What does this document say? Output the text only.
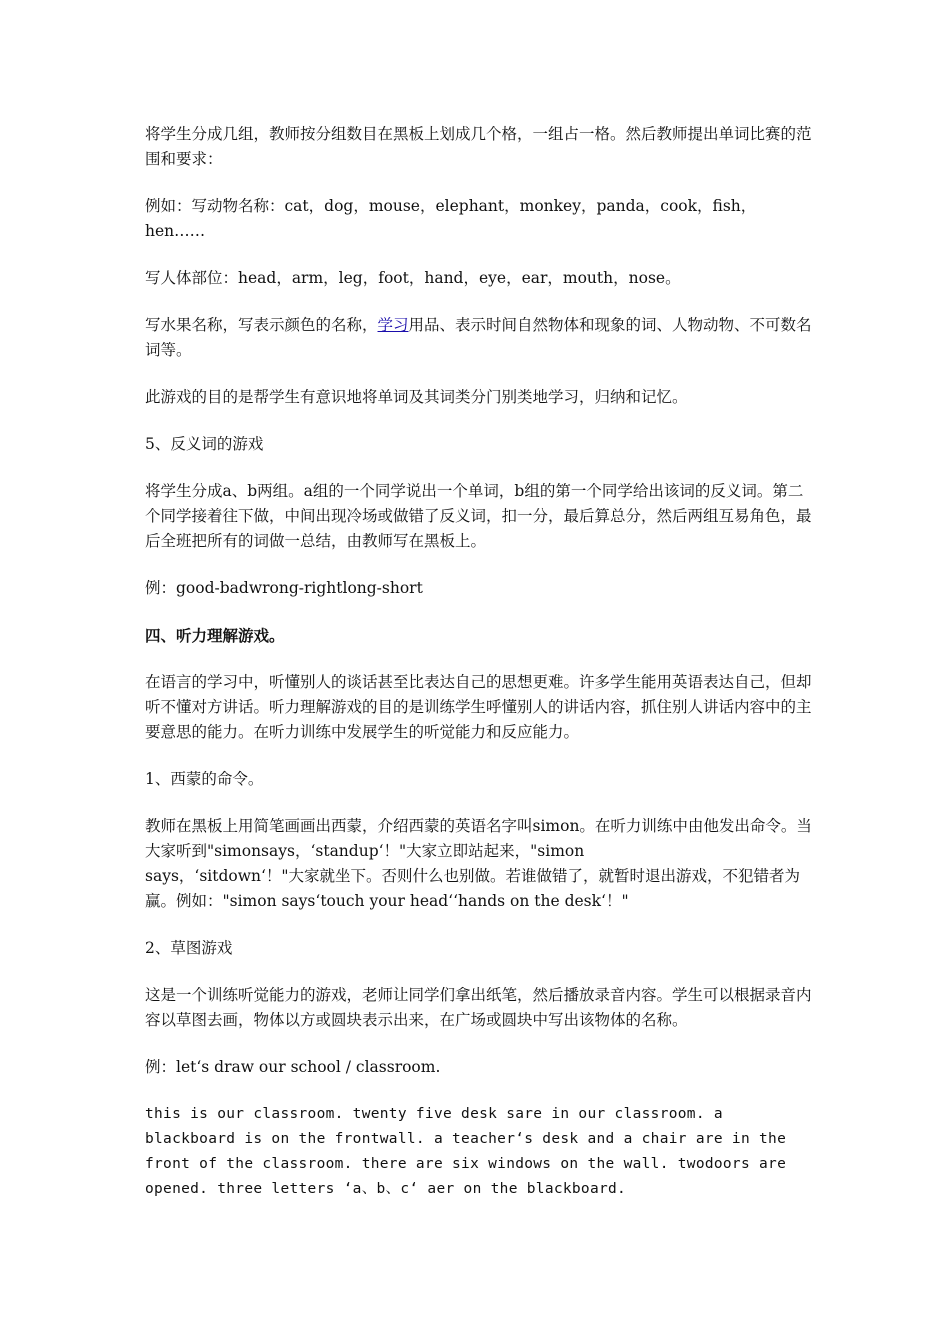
将学生分成几组，教师按分组数目在黑板上划成几个格，一组占一格。然后教师提出单词比赛的范围和要求：

例如：写动物名称：cat，dog，mouse，elephant，monkey，panda，cook，fish，hen……

写人体部位：head，arm，leg，foot，hand，eye，ear，mouth，nose。

写水果名称，写表示颜色的名称，学习用品、表示时间自然物体和现象的词、人物动物、不可数名词等。

此游戏的目的是帮学生有意识地将单词及其词类分门别类地学习，归纳和记忆。

5、反义词的游戏

将学生分成a、b两组。a组的一个同学说出一个单词，b组的第一个同学给出该词的反义词。第二个同学接着往下做，中间出现冷场或做错了反义词，扣一分，最后算总分，然后两组互易角色，最后全班把所有的词做一总结，由教师写在黑板上。

例：good-badwrong-rightlong-short

四、听力理解游戏。

在语言的学习中，听懂别人的谈话甚至比表达自己的思想更难。许多学生能用英语表达自己，但却听不懂对方讲话。听力理解游戏的目的是训练学生呼懂别人的讲话内容，抓住别人讲话内容中的主要意思的能力。在听力训练中发展学生的听觉能力和反应能力。

1、西蒙的命令。

教师在黑板上用简笔画画出西蒙，介绍西蒙的英语名字叫simon。在听力训练中由他发出命令。当大家听到"simonsays，‘standup‘！"大家立即站起来，"simon
says，‘sitdown‘！"大家就坐下。否则什么也别做。若谁做错了，就暂时退出游戏，不犯错者为赢。例如："simon says‘touch your head‘‘hands on the desk‘！"

2、草图游戏

这是一个训练听觉能力的游戏，老师让同学们拿出纸笔，然后播放录音内容。学生可以根据录音内容以草图去画，物体以方或圆块表示出来，在广场或圆块中写出该物体的名称。

例：let‘s draw our school / classroom.

this is our classroom. twenty five desk sare in our classroom. a blackboard is on the frontwall. a teacher‘s desk and a chair are in the front of the classroom. there are six windows on the wall. twodoors are opened. three letters ‘a、b、c‘ aer on the blackboard.
